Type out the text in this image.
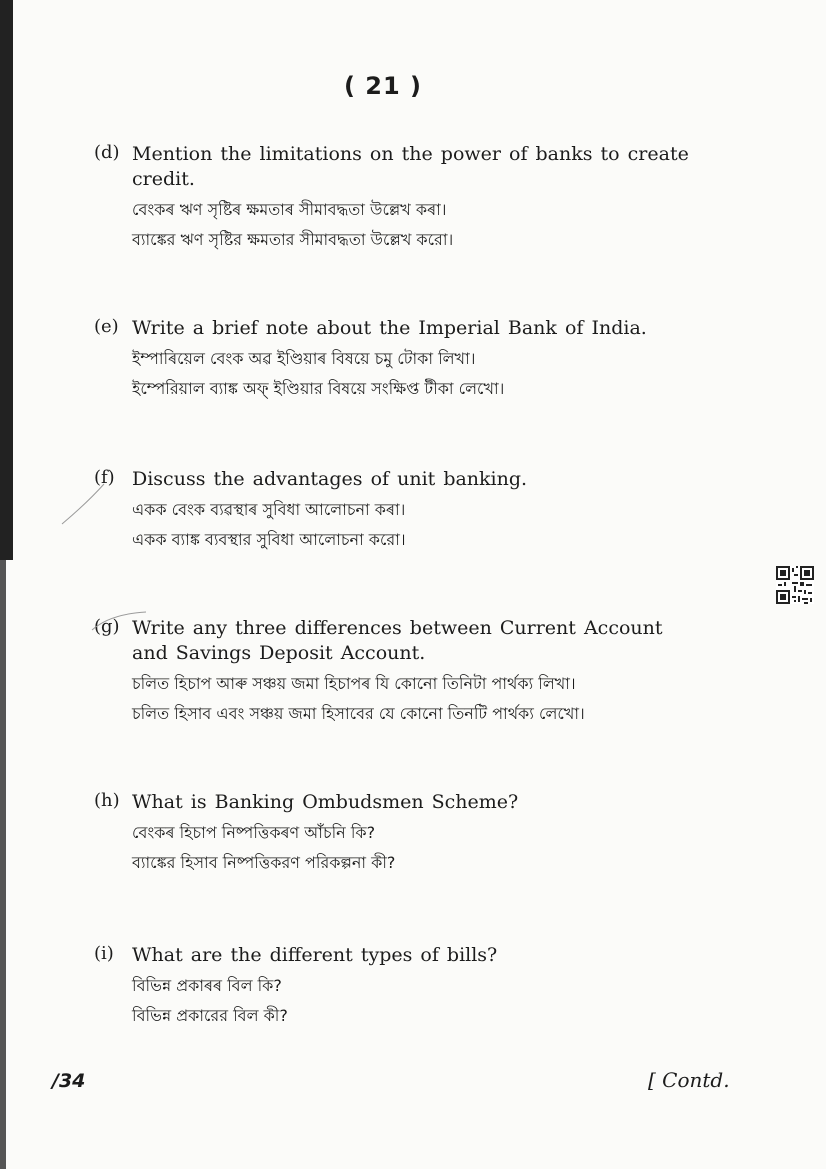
( 21 )
(d) Mention the limitations on the power of banks to create credit.
বেংকৰ ঋণ সৃষ্টিৰ ক্ষমতাৰ সীমাবদ্ধতা উল্লেখ কৰা।
ব্যাঙ্কের ঋণ সৃষ্টির ক্ষমতার সীমাবদ্ধতা উল্লেখ করো।
(e) Write a brief note about the Imperial Bank of India.
ইম্পাৰিয়েল বেংক অৱ ইণ্ডিয়াৰ বিষয়ে চমু টোকা লিখা।
ইম্পেরিয়াল ব্যাঙ্ক অফ্ ইণ্ডিয়ার বিষয়ে সংক্ষিপ্ত টীকা লেখো।
(f) Discuss the advantages of unit banking.
একক বেংক ব্যৱস্থাৰ সুবিধা আলোচনা কৰা।
একক ব্যাঙ্ক ব্যবস্থার সুবিধা আলোচনা করো।
(g) Write any three differences between Current Account and Savings Deposit Account.
চলিত হিচাপ আৰু সঞ্চয় জমা হিচাপৰ যি কোনো তিনিটা পাৰ্থক্য লিখা।
চলিত হিসাব এবং সঞ্চয় জমা হিসাবের যে কোনো তিনটি পার্থক্য লেখো।
(h) What is Banking Ombudsmen Scheme?
বেংকৰ হিচাপ নিষ্পত্তিকৰণ আঁচনি কি?
ব্যাঙ্কের হিসাব নিষ্পত্তিকরণ পরিকল্পনা কী?
(i) What are the different types of bills?
বিভিন্ন প্ৰকাৰৰ বিল কি?
বিভিন্ন প্রকারের বিল কী?
/34	[ Contd.
